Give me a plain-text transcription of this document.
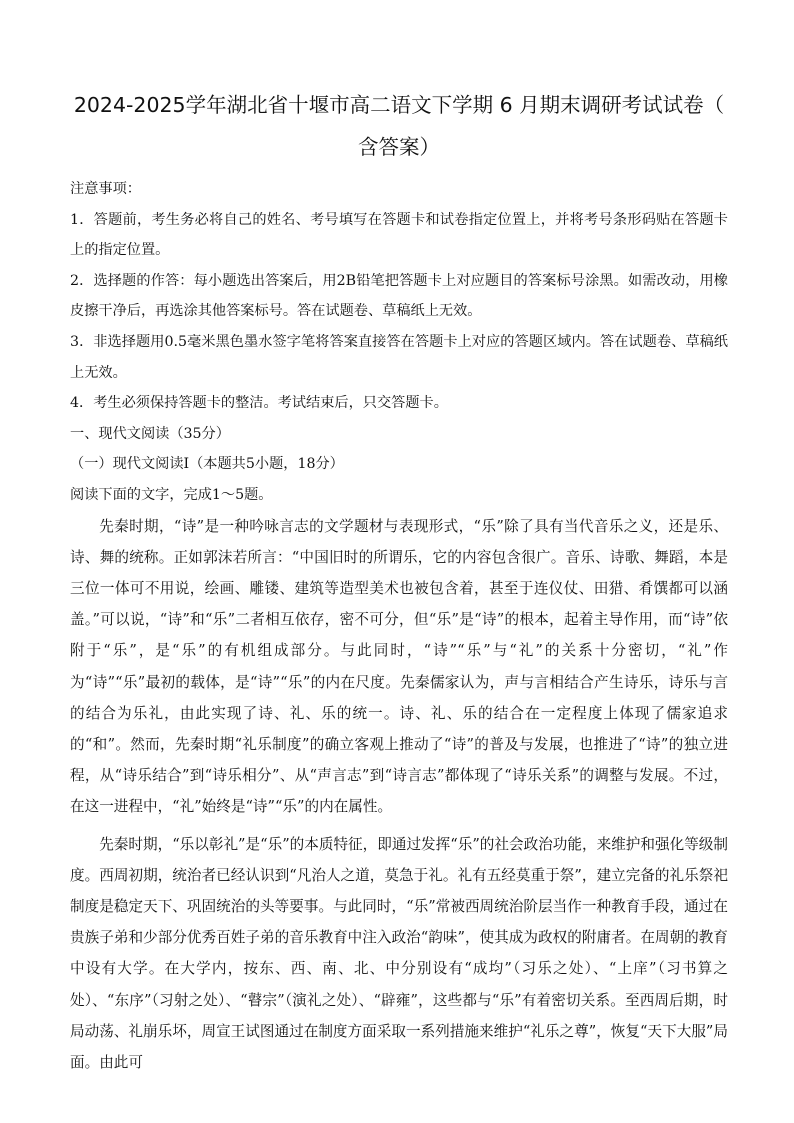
2024-2025学年湖北省十堰市高二语文下学期 6 月期末调研考试试卷（
含答案）

注意事项：

1．答题前，考生务必将自己的姓名、考号填写在答题卡和试卷指定位置上，并将考号条形码贴在答题卡上的指定位置。

2．选择题的作答：每小题选出答案后，用2B铅笔把答题卡上对应题目的答案标号涂黑。如需改动，用橡皮擦干净后，再选涂其他答案标号。答在试题卷、草稿纸上无效。

3．非选择题用0.5毫米黑色墨水签字笔将答案直接答在答题卡上对应的答题区域内。答在试题卷、草稿纸上无效。

4．考生必须保持答题卡的整洁。考试结束后，只交答题卡。

一、现代文阅读（35分）

（一）现代文阅读Ⅰ（本题共5小题，18分）

阅读下面的文字，完成1～5题。

先秦时期，“诗”是一种吟咏言志的文学题材与表现形式，“乐”除了具有当代音乐之义，还是乐、诗、舞的统称。正如郭沫若所言：“中国旧时的所谓乐，它的内容包含很广。音乐、诗歌、舞蹈，本是三位一体可不用说，绘画、雕镂、建筑等造型美术也被包含着，甚至于连仪仗、田猎、肴馔都可以涵盖。”可以说，“诗”和“乐”二者相互依存，密不可分，但“乐”是“诗”的根本，起着主导作用，而“诗”依附于“乐”，是“乐”的有机组成部分。与此同时，“诗”“乐”与“礼”的关系十分密切，“礼”作为“诗”“乐”最初的载体，是“诗”“乐”的内在尺度。先秦儒家认为，声与言相结合产生诗乐，诗乐与言的结合为乐礼，由此实现了诗、礼、乐的统一。诗、礼、乐的结合在一定程度上体现了儒家追求的“和”。然而，先秦时期“礼乐制度”的确立客观上推动了“诗”的普及与发展，也推进了“诗”的独立进程，从“诗乐结合”到“诗乐相分”、从“声言志”到“诗言志”都体现了“诗乐关系”的调整与发展。不过，在这一进程中，“礼”始终是“诗”“乐”的内在属性。

先秦时期，“乐以彰礼”是“乐”的本质特征，即通过发挥“乐”的社会政治功能，来维护和强化等级制度。西周初期，统治者已经认识到“凡治人之道，莫急于礼。礼有五经莫重于祭”，建立完备的礼乐祭祀制度是稳定天下、巩固统治的头等要事。与此同时，“乐”常被西周统治阶层当作一种教育手段，通过在贵族子弟和少部分优秀百姓子弟的音乐教育中注入政治“韵味”，使其成为政权的附庸者。在周朝的教育中设有大学。在大学内，按东、西、南、北、中分别设有“成均”（习乐之处）、“上庠”（习书算之处）、“东序”（习射之处）、“瞽宗”（演礼之处）、“辟雍”，这些都与“乐”有着密切关系。至西周后期，时局动荡、礼崩乐坏，周宣王试图通过在制度方面采取一系列措施来维护“礼乐之尊”，恢复“天下大服”局面。由此可
